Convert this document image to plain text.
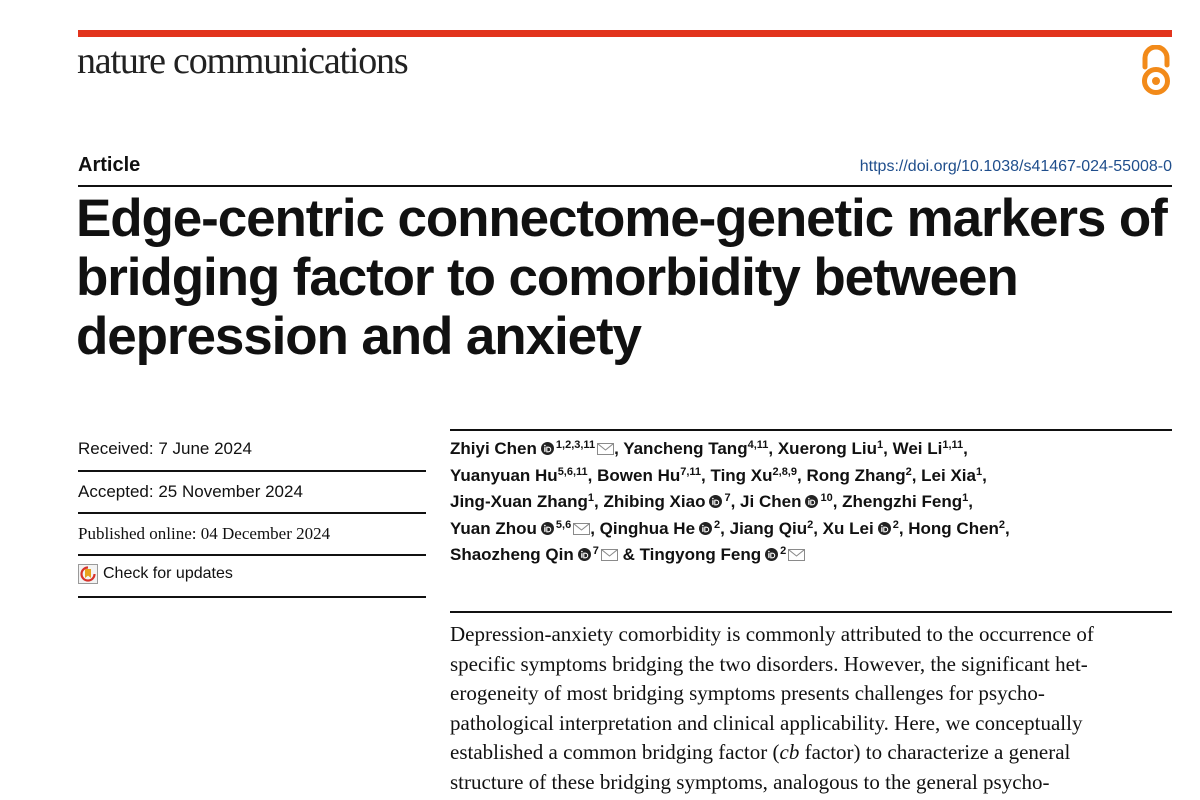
nature communications
Article	https://doi.org/10.1038/s41467-024-55008-0
Edge-centric connectome-genetic markers of
bridging factor to comorbidity between
depression and anxiety
Received: 7 June 2024
Accepted: 25 November 2024
Published online: 04 December 2024
Check for updates
Zhiyi Chen $^{1,2,3,11}$ , Yancheng Tang$^{4,11}$, Xuerong Liu$^1$, Wei Li$^{1,11}$,
Yuanyuan Hu$^{5,6,11}$, Bowen Hu$^{7,11}$, Ting Xu$^{2,8,9}$, Rong Zhang$^2$, Lei Xia$^1$,
Jing-Xuan Zhang$^1$, Zhibing Xiao $^7$, Ji Chen $^{10}$, Zhengzhi Feng$^1$,
Yuan Zhou $^{5,6}$ , Qinghua He $^2$, Jiang Qiu$^2$, Xu Lei $^2$, Hong Chen$^2$,
Shaozheng Qin $^7$ & Tingyong Feng $^2$
Depression-anxiety comorbidity is commonly attributed to the occurrence of
specific symptoms bridging the two disorders. However, the significant het-
erogeneity of most bridging symptoms presents challenges for psycho-
pathological interpretation and clinical applicability. Here, we conceptually
established a common bridging factor (cb factor) to characterize a general
structure of these bridging symptoms, analogous to the general psycho-
